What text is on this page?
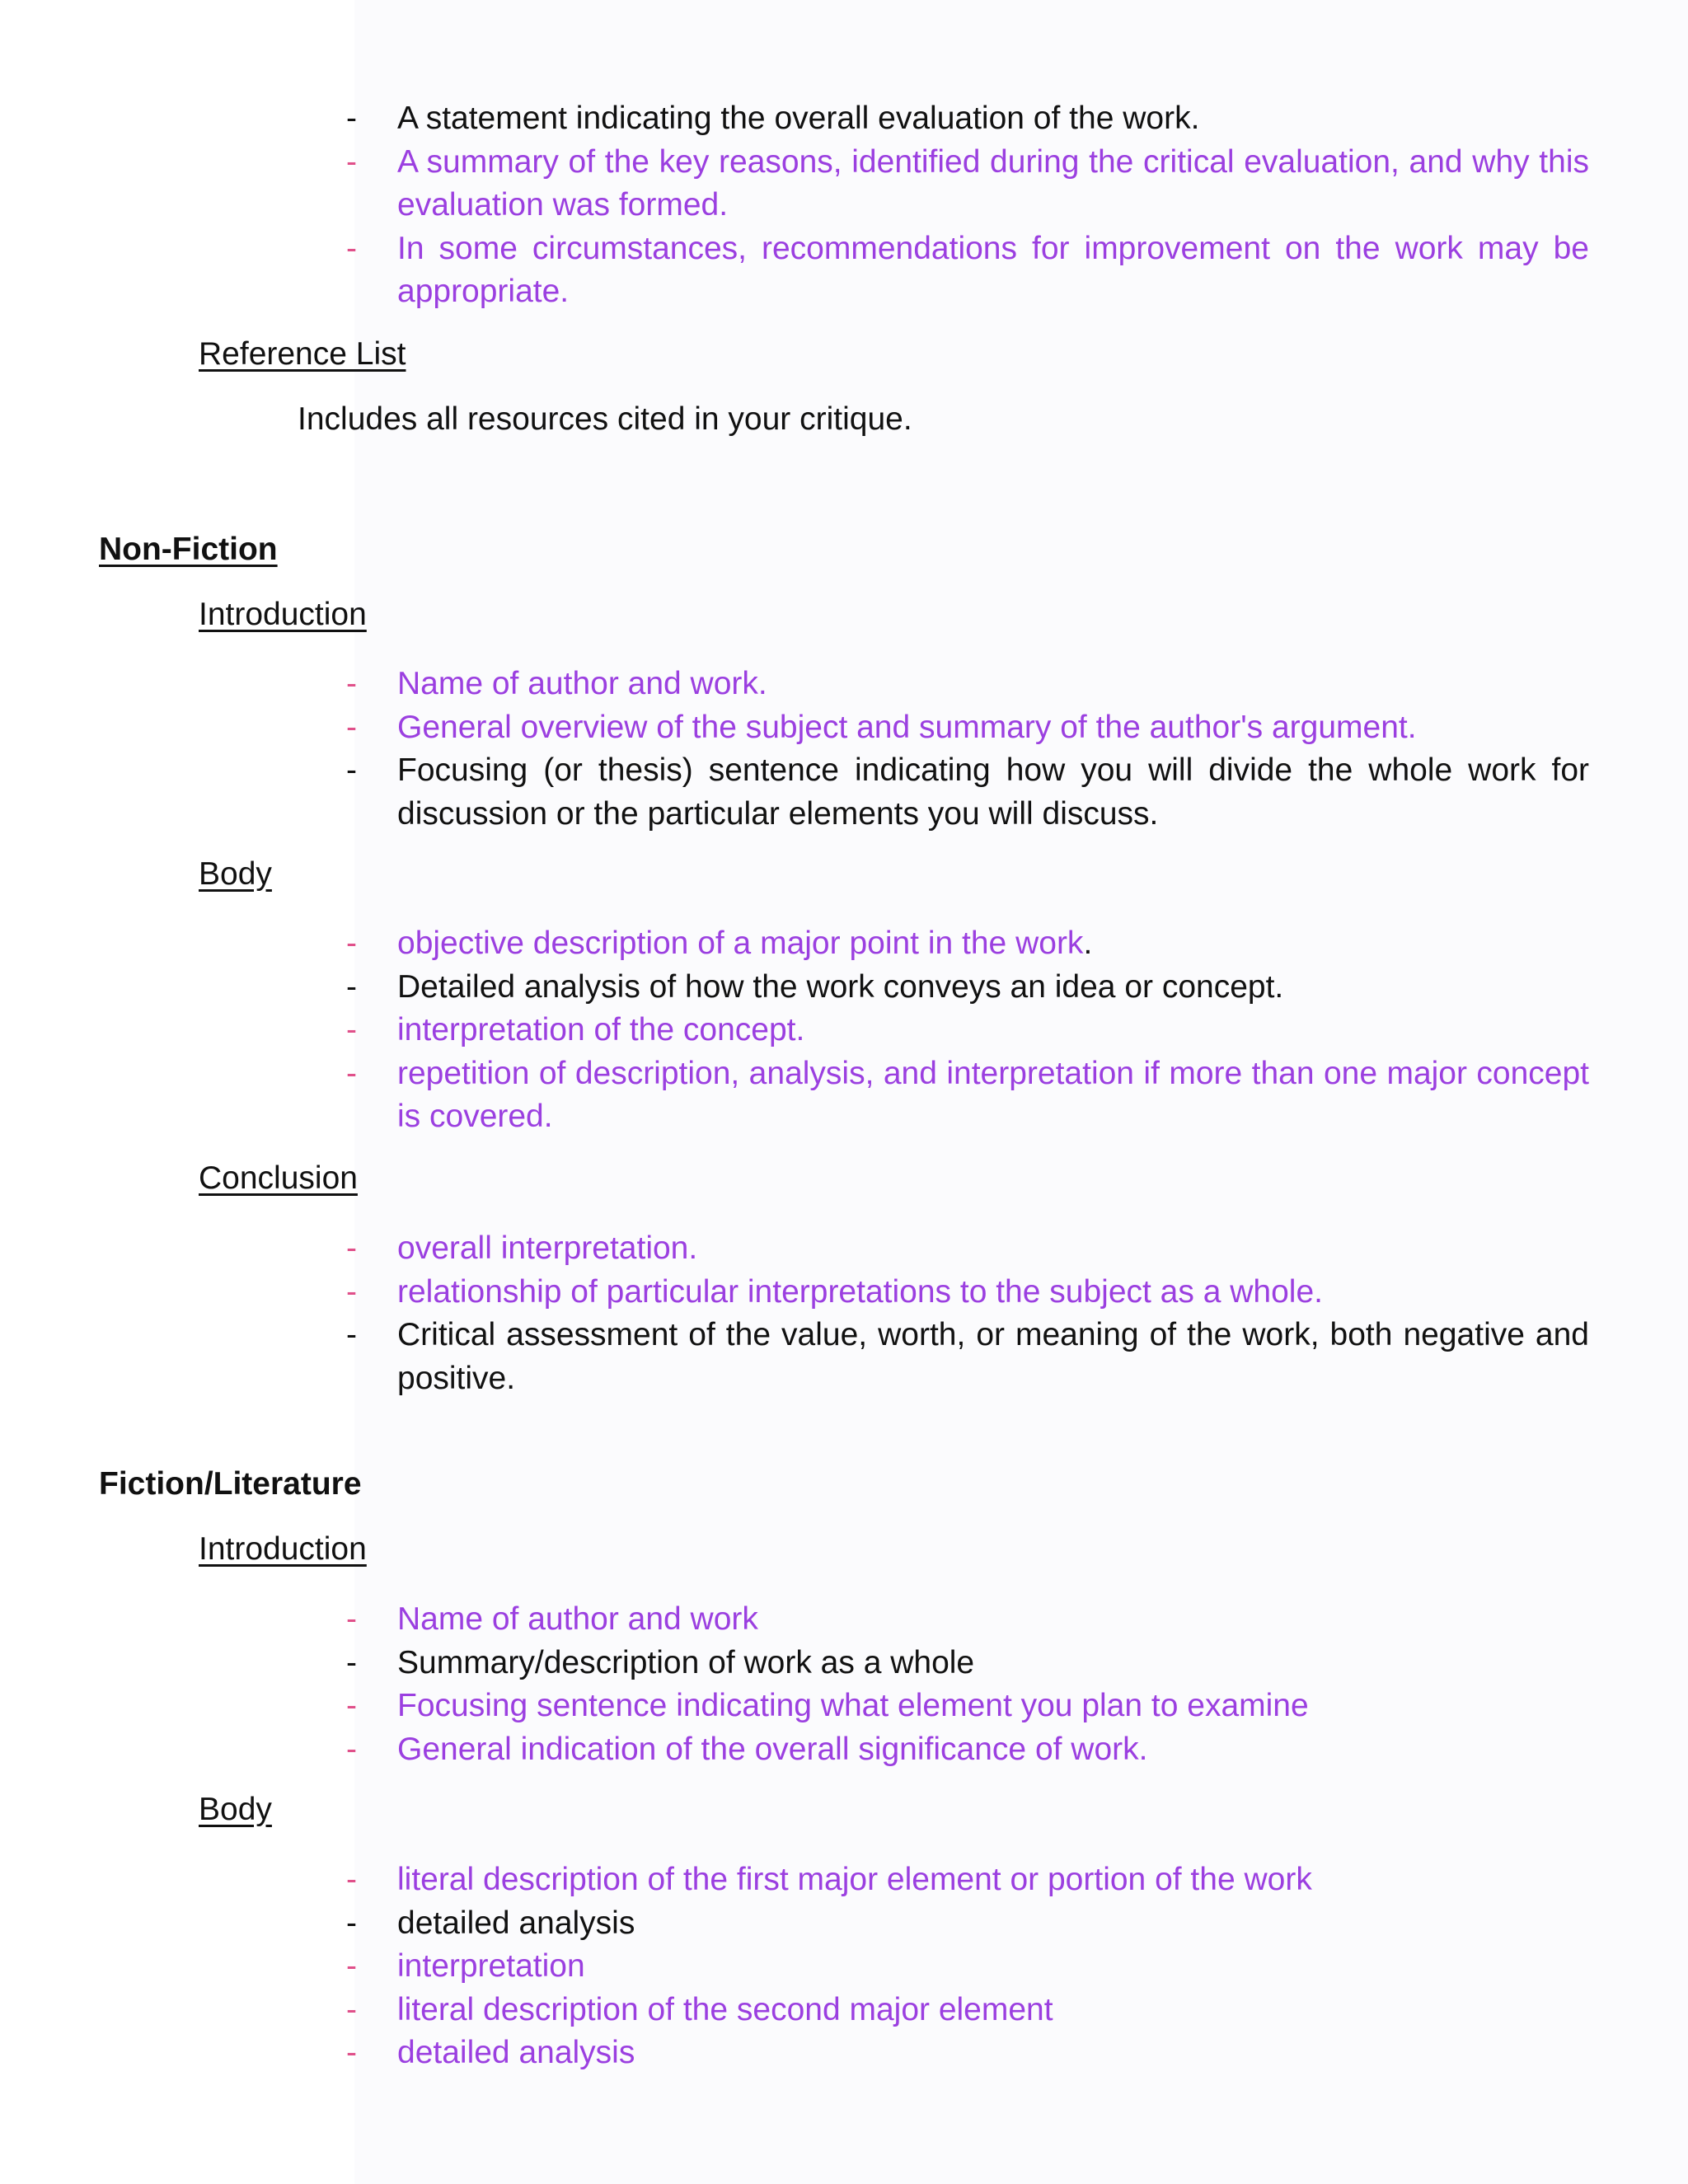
- A statement indicating the overall evaluation of the work.
- A summary of the key reasons, identified during the critical evaluation, and why this evaluation was formed.
- In some circumstances, recommendations for improvement on the work may be appropriate.

Reference List

Includes all resources cited in your critique.

Non-Fiction

Introduction

- Name of author and work.
- General overview of the subject and summary of the author's argument.
- Focusing (or thesis) sentence indicating how you will divide the whole work for discussion or the particular elements you will discuss.

Body

- objective description of a major point in the work.
- Detailed analysis of how the work conveys an idea or concept.
- interpretation of the concept.
- repetition of description, analysis, and interpretation if more than one major concept is covered.

Conclusion

- overall interpretation.
- relationship of particular interpretations to the subject as a whole.
- Critical assessment of the value, worth, or meaning of the work, both negative and positive.

Fiction/Literature

Introduction

- Name of author and work
- Summary/description of work as a whole
- Focusing sentence indicating what element you plan to examine
- General indication of the overall significance of work.

Body

- literal description of the first major element or portion of the work
- detailed analysis
- interpretation
- literal description of the second major element
- detailed analysis
